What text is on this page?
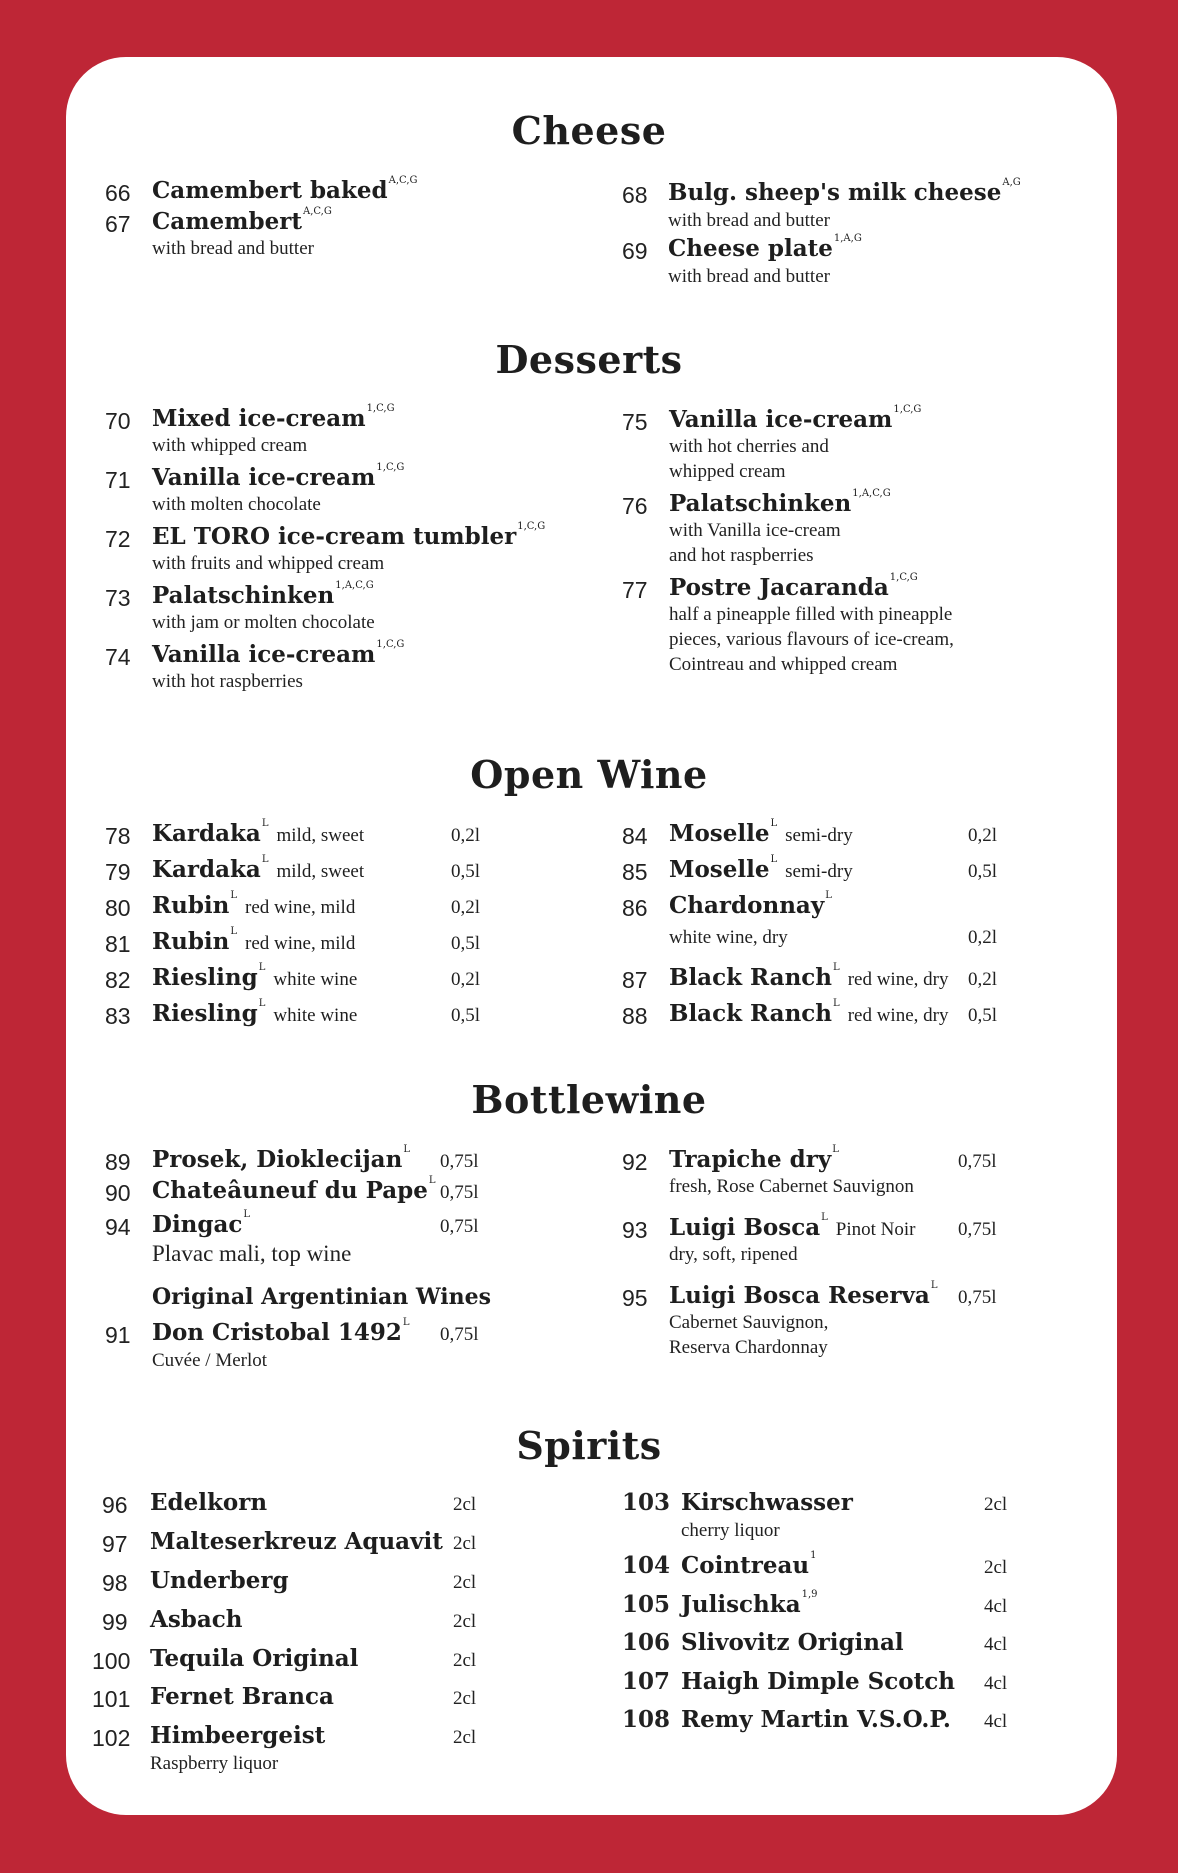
Cheese
66 Camembert baked$^{A,C,G}$
67 Camembert$^{A,C,G}$
with bread and butter
68 Bulg. sheep's milk cheese$^{A,G}$
with bread and butter
69 Cheese plate$^{1,A,G}$
with bread and butter
Desserts
70 Mixed ice-cream$^{1,C,G}$
with whipped cream
71 Vanilla ice-cream$^{1,C,G}$
with molten chocolate
72 EL TORO ice-cream tumbler$^{1,C,G}$
with fruits and whipped cream
73 Palatschinken$^{1,A,C,G}$
with jam or molten chocolate
74 Vanilla ice-cream$^{1,C,G}$
with hot raspberries
75 Vanilla ice-cream$^{1,C,G}$
with hot cherries and
whipped cream
76 Palatschinken$^{1,A,C,G}$
with Vanilla ice-cream
and hot raspberries
77 Postre Jacaranda$^{1,C,G}$
half a pineapple filled with pineapple
pieces, various flavours of ice-cream,
Cointreau and whipped cream
Open Wine
78 Kardaka$^L$ mild, sweet	0,2l
79 Kardaka$^L$ mild, sweet	0,5l
80 Rubin$^L$ red wine, mild	0,2l
81 Rubin$^L$ red wine, mild	0,5l
82 Riesling$^L$ white wine	0,2l
83 Riesling$^L$ white wine	0,5l
84 Moselle$^L$ semi-dry	0,2l
85 Moselle$^L$ semi-dry	0,5l
86 Chardonnay$^L$
white wine, dry	0,2l
87 Black Ranch$^L$ red wine, dry 0,2l
88 Black Ranch$^L$ red wine, dry 0,5l
Bottlewine
89 Prosek, Dioklecijan$^L$
0,75l
90 Chateâuneuf du Pape$^L$
0,75l
94 Dingac$^L$
0,75l
Plavac mali, top wine
Original Argentinian Wines
91 Don Cristobal $1492^L$
0,75l
Cuvée / Merlot
92 Trapiche dry$^L$
0,75l
fresh, Rose Cabernet Sauvignon
93 Luigi Bosca$^L$ Pinot Noir 0,75l
dry, soft, ripened
95 Luigi Bosca Reserva$^L$
0,75l
Cabernet Sauvignon,
Reserva Chardonnay
Spirits
96 Edelkorn	2cl
97 Malteserkreuz Aquavit 2cl
98 Underberg	2cl
99 Asbach	2cl
100 Tequila Original	2cl
101 Fernet Branca	2cl
102 Himbeergeist	2cl
Raspberry liquor
103 Kirschwasser	2cl
cherry liquor
104 Cointreau$^1$
2cl
105 Julischka$^{1,9}$
4cl
106 Slivovitz Original	4cl
107 Haigh Dimple Scotch 4cl
108 Remy Martin V.S.O.P. 4cl
